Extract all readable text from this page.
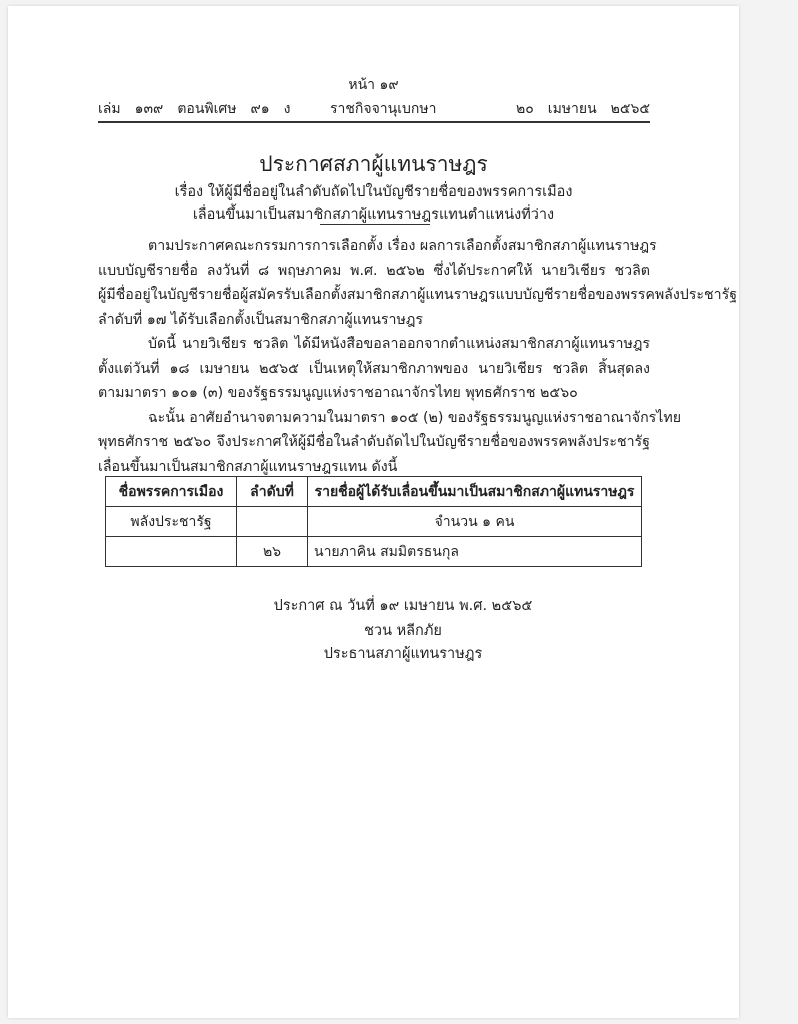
หน้า ๑๙
เล่ม ๑๓๙ ตอนพิเศษ ๙๑ ง	ราชกิจจานุเบกษา	๒๐ เมษายน ๒๕๖๕
ประกาศสภาผู้แทนราษฎร
เรื่อง ให้ผู้มีชื่ออยู่ในลำดับถัดไปในบัญชีรายชื่อของพรรคการเมือง
เลื่อนขึ้นมาเป็นสมาชิกสภาผู้แทนราษฎรแทนตำแหน่งที่ว่าง
ตามประกาศคณะกรรมการการเลือกตั้ง เรื่อง ผลการเลือกตั้งสมาชิกสภาผู้แทนราษฎร
แบบบัญชีรายชื่อ ลงวันที่ ๘ พฤษภาคม พ.ศ. ๒๕๖๒ ซึ่งได้ประกาศให้ นายวิเชียร ชวลิต
ผู้มีชื่ออยู่ในบัญชีรายชื่อผู้สมัครรับเลือกตั้งสมาชิกสภาผู้แทนราษฎรแบบบัญชีรายชื่อของพรรคพลังประชารัฐ
ลำดับที่ ๑๗ ได้รับเลือกตั้งเป็นสมาชิกสภาผู้แทนราษฎร
บัดนี้ นายวิเชียร ชวลิต ได้มีหนังสือขอลาออกจากตำแหน่งสมาชิกสภาผู้แทนราษฎร
ตั้งแต่วันที่ ๑๘ เมษายน ๒๕๖๕ เป็นเหตุให้สมาชิกภาพของ นายวิเชียร ชวลิต สิ้นสุดลง
ตามมาตรา ๑๐๑ (๓) ของรัฐธรรมนูญแห่งราชอาณาจักรไทย พุทธศักราช ๒๕๖๐
ฉะนั้น อาศัยอำนาจตามความในมาตรา ๑๐๕ (๒) ของรัฐธรรมนูญแห่งราชอาณาจักรไทย
พุทธศักราช ๒๕๖๐ จึงประกาศให้ผู้มีชื่อในลำดับถัดไปในบัญชีรายชื่อของพรรคพลังประชารัฐ
เลื่อนขึ้นมาเป็นสมาชิกสภาผู้แทนราษฎรแทน ดังนี้
ชื่อพรรคการเมือง	ลำดับที่	รายชื่อผู้ได้รับเลื่อนขึ้นมาเป็นสมาชิกสภาผู้แทนราษฎร
พลังประชารัฐ		จำนวน ๑ คน
	๒๖	นายภาคิน สมมิตรธนกุล
ประกาศ ณ วันที่ ๑๙ เมษายน พ.ศ. ๒๕๖๕
ชวน หลีกภัย
ประธานสภาผู้แทนราษฎร
